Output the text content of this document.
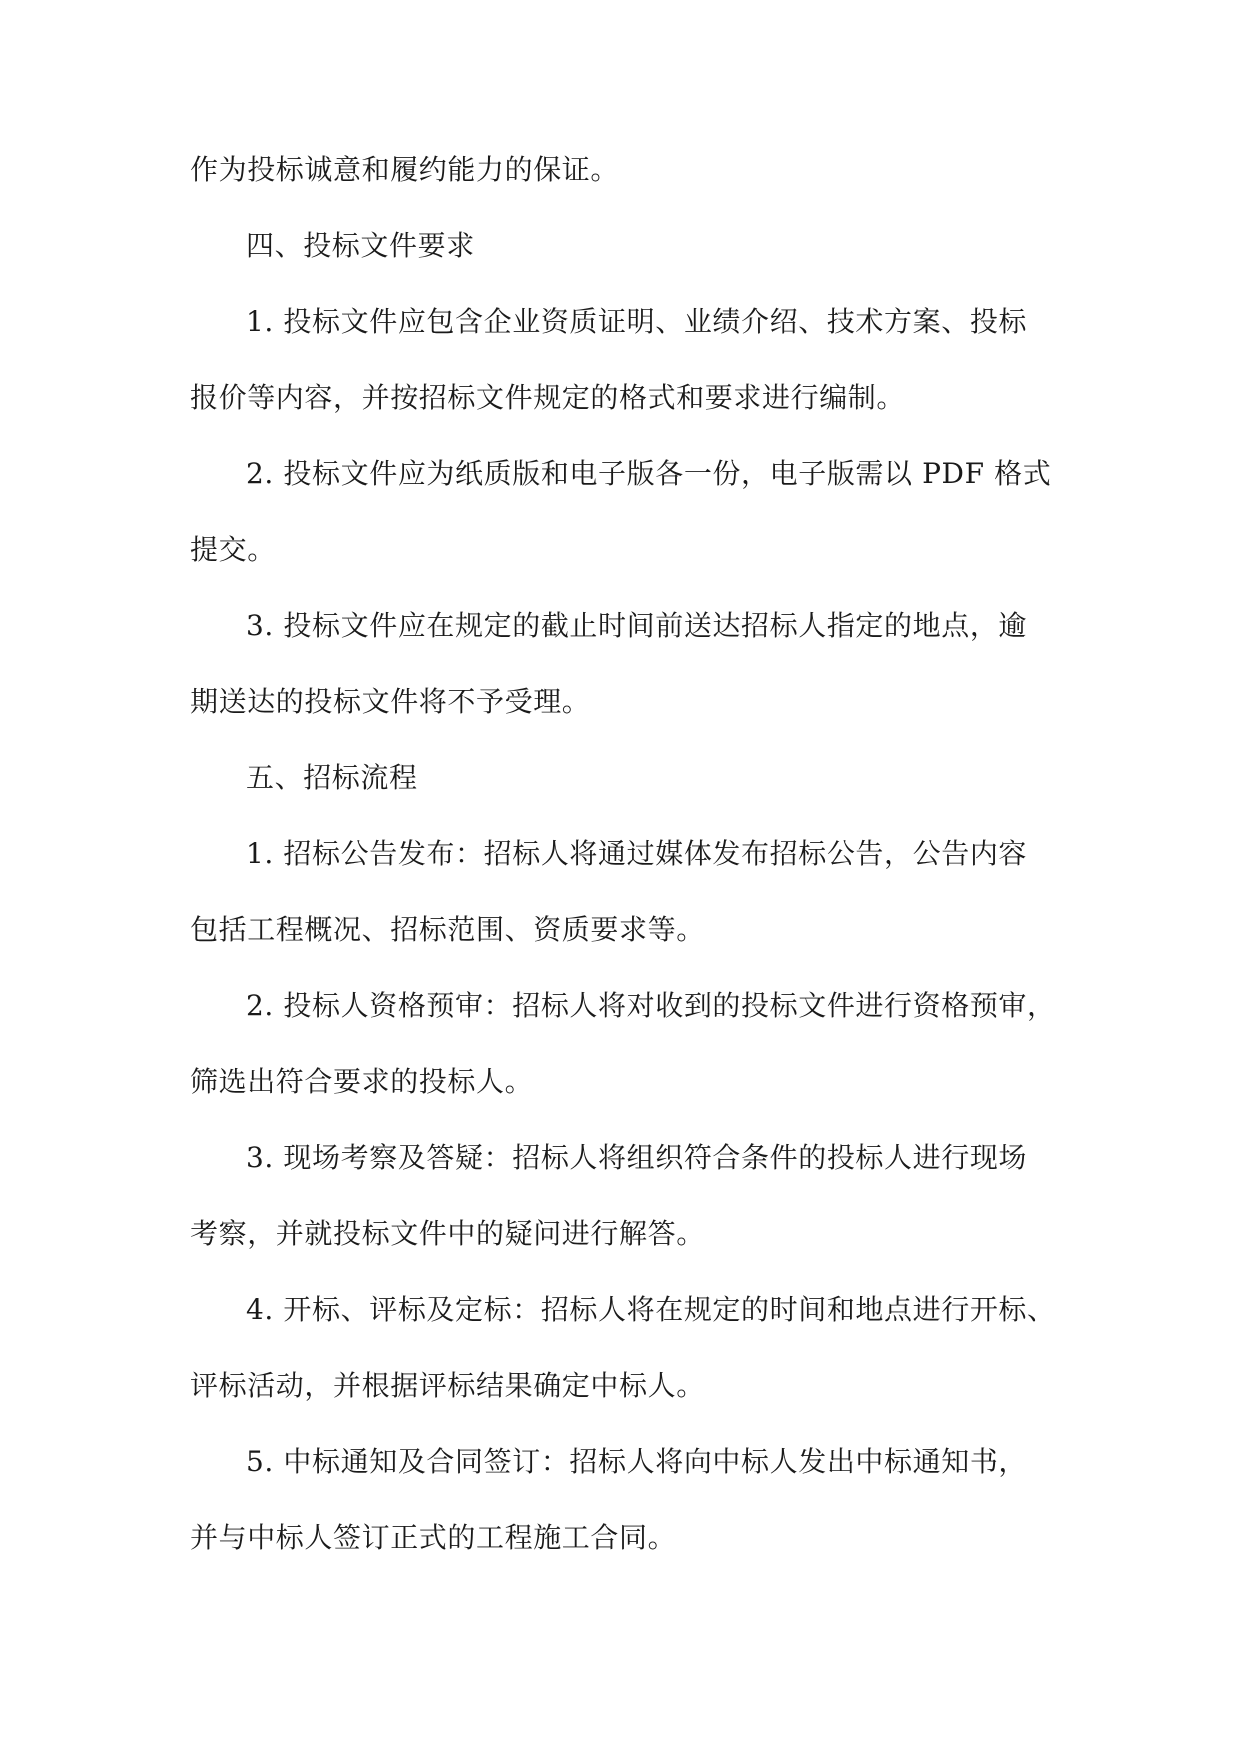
作为投标诚意和履约能力的保证。
四、投标文件要求
1. 投标文件应包含企业资质证明、业绩介绍、技术方案、投标
报价等内容，并按招标文件规定的格式和要求进行编制。
2. 投标文件应为纸质版和电子版各一份，电子版需以 PDF 格式
提交。
3. 投标文件应在规定的截止时间前送达招标人指定的地点，逾
期送达的投标文件将不予受理。
五、招标流程
1. 招标公告发布：招标人将通过媒体发布招标公告，公告内容
包括工程概况、招标范围、资质要求等。
2. 投标人资格预审：招标人将对收到的投标文件进行资格预审，
筛选出符合要求的投标人。
3. 现场考察及答疑：招标人将组织符合条件的投标人进行现场
考察，并就投标文件中的疑问进行解答。
4. 开标、评标及定标：招标人将在规定的时间和地点进行开标、
评标活动，并根据评标结果确定中标人。
5. 中标通知及合同签订：招标人将向中标人发出中标通知书，
并与中标人签订正式的工程施工合同。
